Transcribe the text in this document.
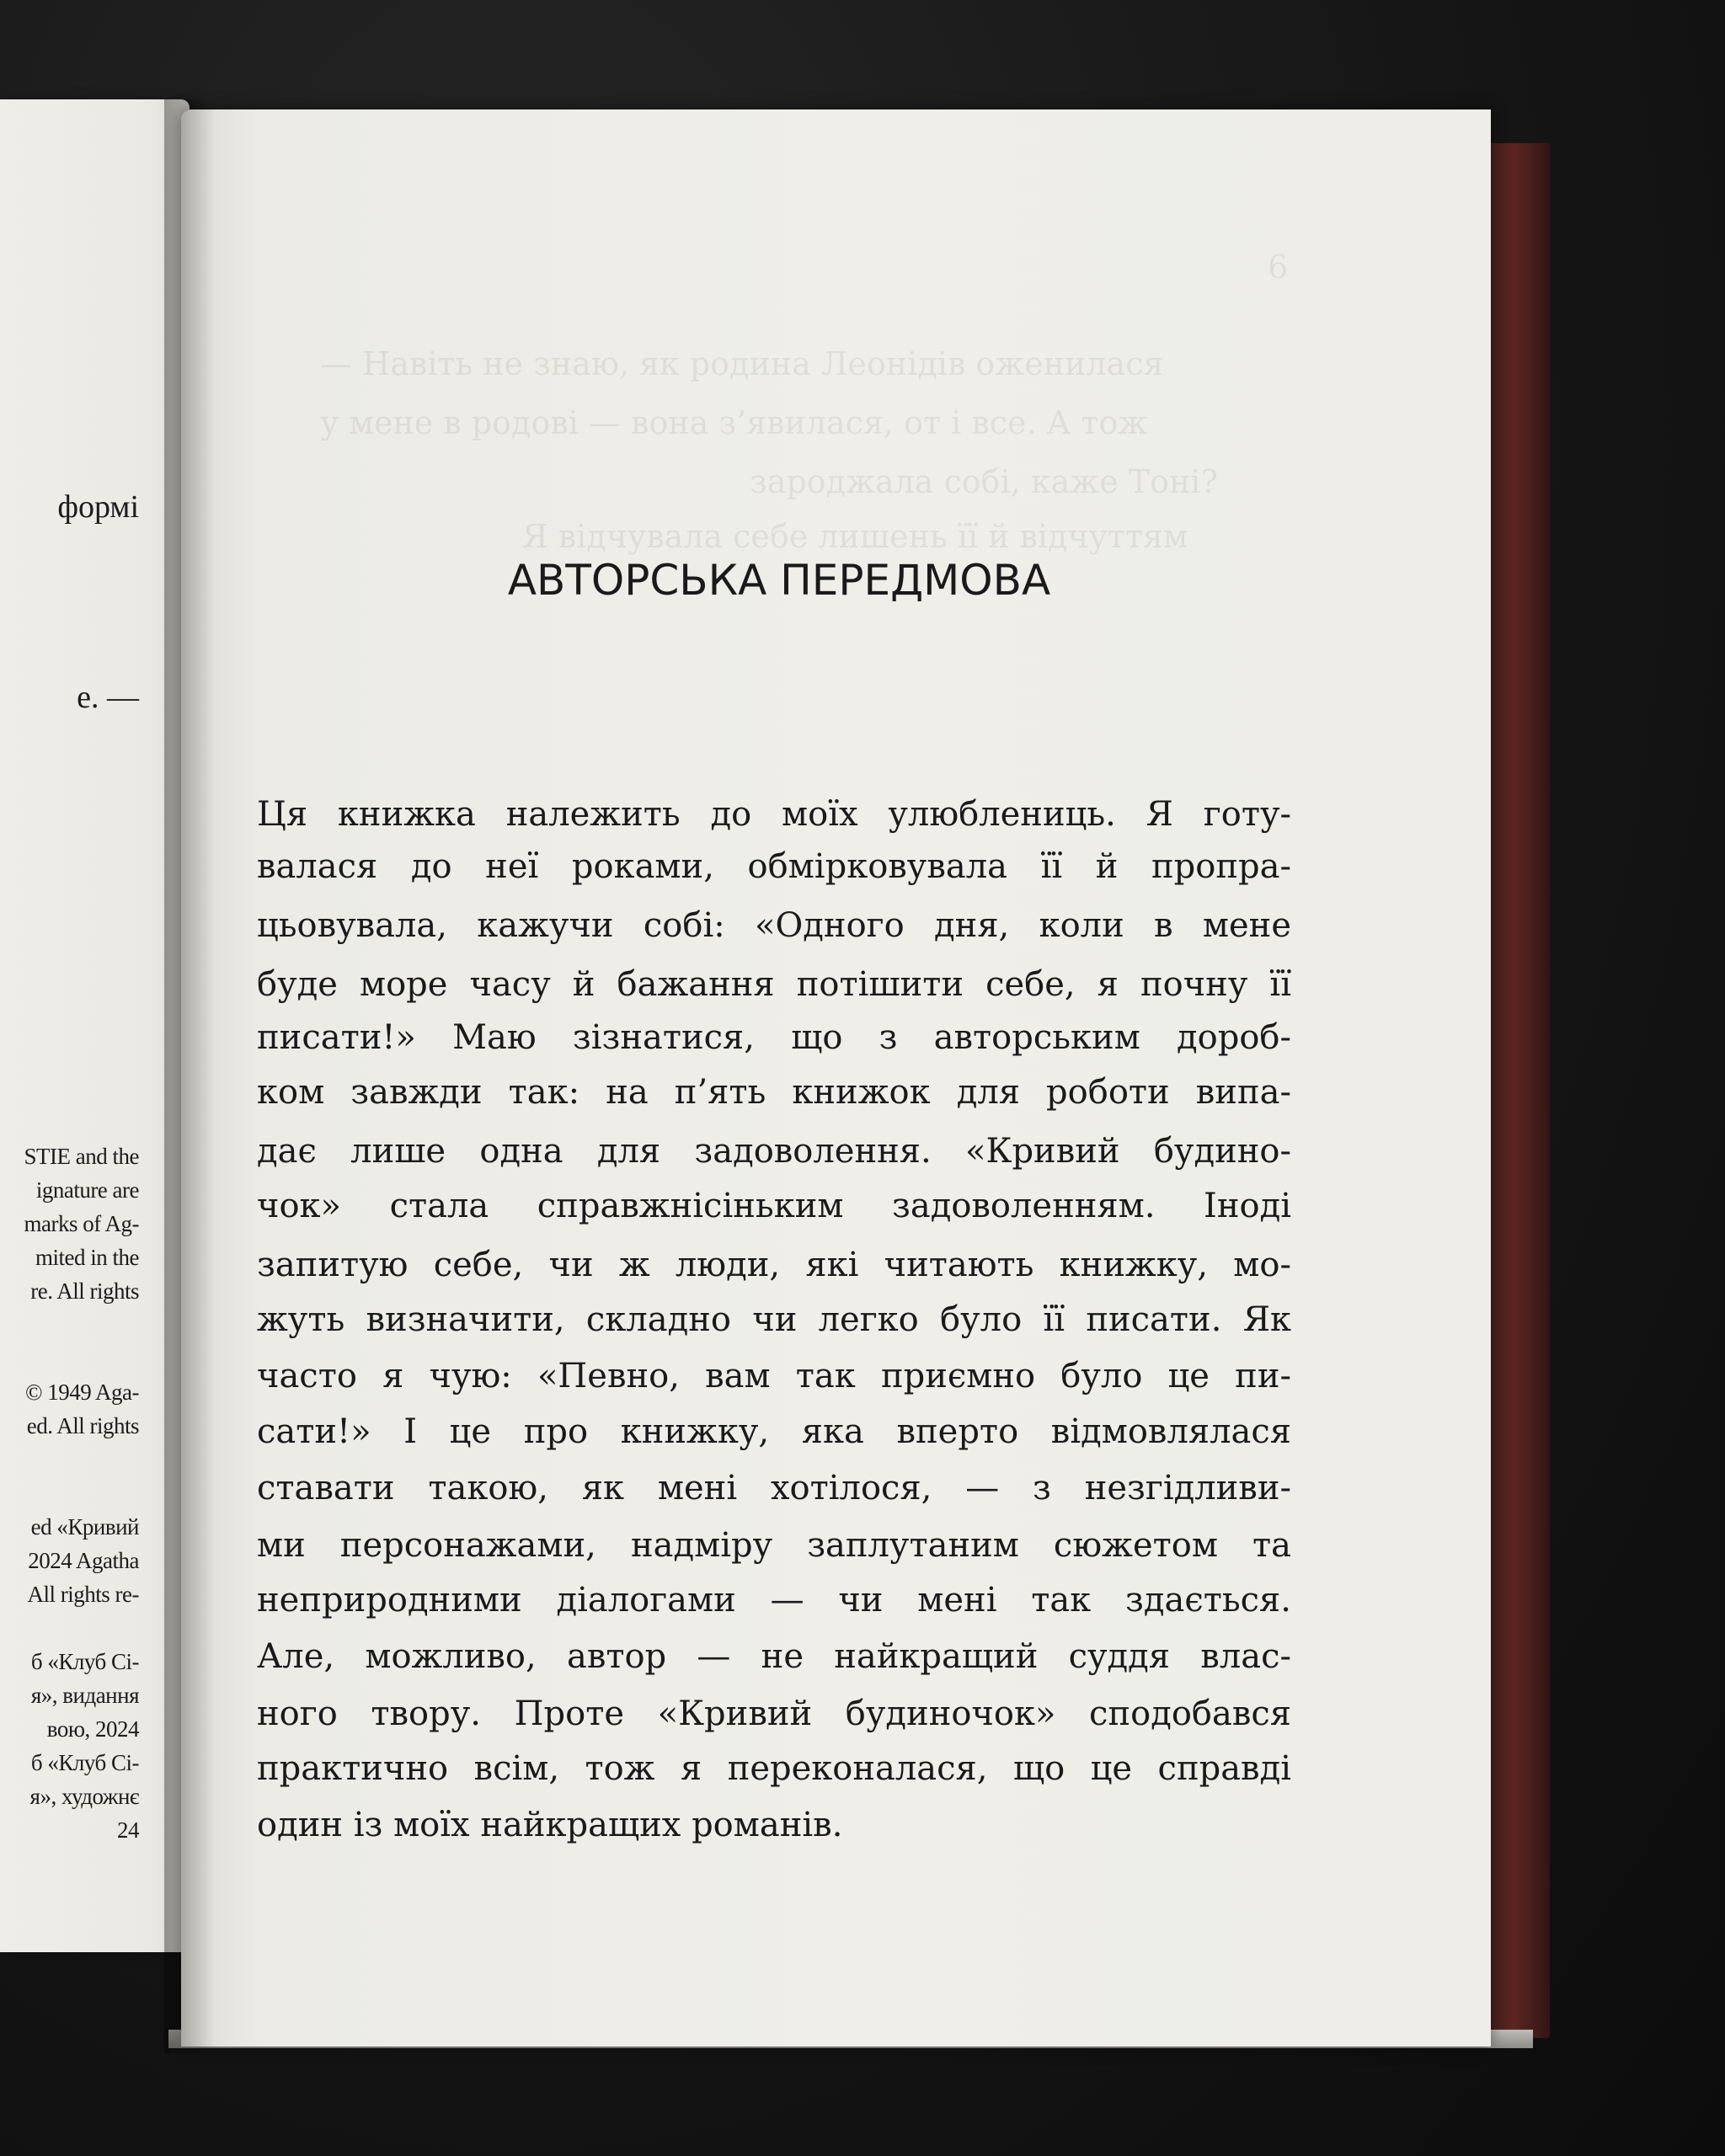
формі
е. —
STIE and the
ignature are
marks of Ag-
mited in the
re. All rights
© 1949 Aga-
ed. All rights
ed «Кривий
2024 Agatha
All rights re-
б «Клуб Сі-
я», видання
вою, 2024
б «Клуб Сі-
я», художнє
24
6
— Навіть не знаю, як родина Леонідів оженилася
у мене в родові — вона з’явилася, от і все. А тож
зароджала собі, каже Тоні?
Я відчувала себе лишень її й відчуттям
АВТОРСЬКА ПЕРЕДМОВА
Ця книжка належить до моїх улюблениць. Я готу-
валася до неї роками, обмірковувала її й пропра-
цьовувала, кажучи собі: «Одного дня, коли в мене
буде море часу й бажання потішити себе, я почну її
писати!» Маю зізнатися, що з авторським дороб-
ком завжди так: на п’ять книжок для роботи випа-
дає лише одна для задоволення. «Кривий будино-
чок» стала справжнісіньким задоволенням. Іноді
запитую себе, чи ж люди, які читають книжку, мо-
жуть визначити, складно чи легко було її писати. Як
часто я чую: «Певно, вам так приємно було це пи-
сати!» І це про книжку, яка вперто відмовлялася
ставати такою, як мені хотілося, — з незгідливи-
ми персонажами, надміру заплутаним сюжетом та
неприродними діалогами — чи мені так здається.
Але, можливо, автор — не найкращий суддя влас-
ного твору. Проте «Кривий будиночок» сподобався
практично всім, тож я переконалася, що це справді
один із моїх найкращих романів.
